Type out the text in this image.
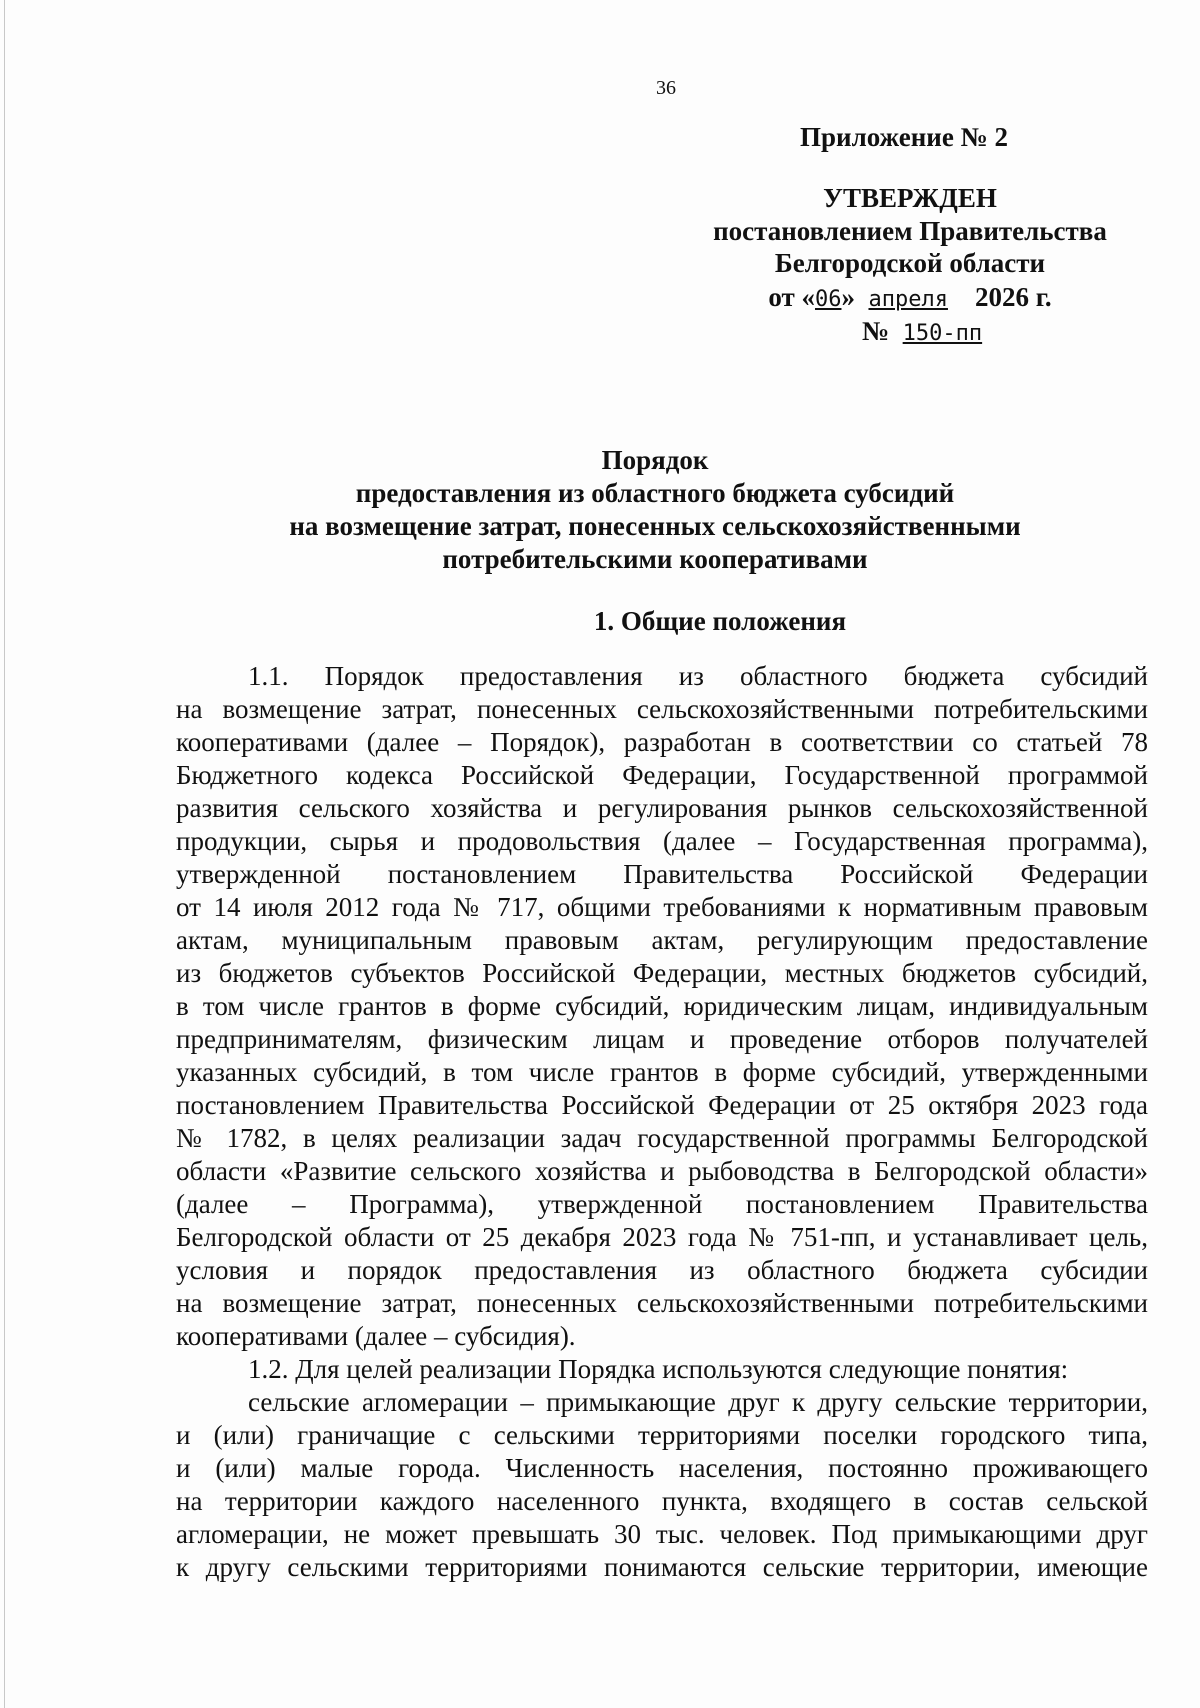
36
Приложение № 2
УТВЕРЖДЕН
постановлением Правительства
Белгородской области
от «06» апреля 2026 г.
№ 150-пп
Порядок
предоставления из областного бюджета субсидий
на возмещение затрат, понесенных сельскохозяйственными
потребительскими кооперативами
1. Общие положения
1.1. Порядок предоставления из областного бюджета субсидий
на возмещение затрат, понесенных сельскохозяйственными потребительскими
кооперативами (далее – Порядок), разработан в соответствии со статьей 78
Бюджетного кодекса Российской Федерации, Государственной программой
развития сельского хозяйства и регулирования рынков сельскохозяйственной
продукции, сырья и продовольствия (далее – Государственная программа),
утвержденной постановлением Правительства Российской Федерации
от 14 июля 2012 года № 717, общими требованиями к нормативным правовым
актам, муниципальным правовым актам, регулирующим предоставление
из бюджетов субъектов Российской Федерации, местных бюджетов субсидий,
в том числе грантов в форме субсидий, юридическим лицам, индивидуальным
предпринимателям, физическим лицам и проведение отборов получателей
указанных субсидий, в том числе грантов в форме субсидий, утвержденными
постановлением Правительства Российской Федерации от 25 октября 2023 года
№ 1782, в целях реализации задач государственной программы Белгородской
области «Развитие сельского хозяйства и рыбоводства в Белгородской области»
(далее – Программа), утвержденной постановлением Правительства
Белгородской области от 25 декабря 2023 года № 751-пп, и устанавливает цель,
условия и порядок предоставления из областного бюджета субсидии
на возмещение затрат, понесенных сельскохозяйственными потребительскими
кооперативами (далее – субсидия).
1.2. Для целей реализации Порядка используются следующие понятия:
сельские агломерации – примыкающие друг к другу сельские территории,
и (или) граничащие с сельскими территориями поселки городского типа,
и (или) малые города. Численность населения, постоянно проживающего
на территории каждого населенного пункта, входящего в состав сельской
агломерации, не может превышать 30 тыс. человек. Под примыкающими друг
к другу сельскими территориями понимаются сельские территории, имеющие
